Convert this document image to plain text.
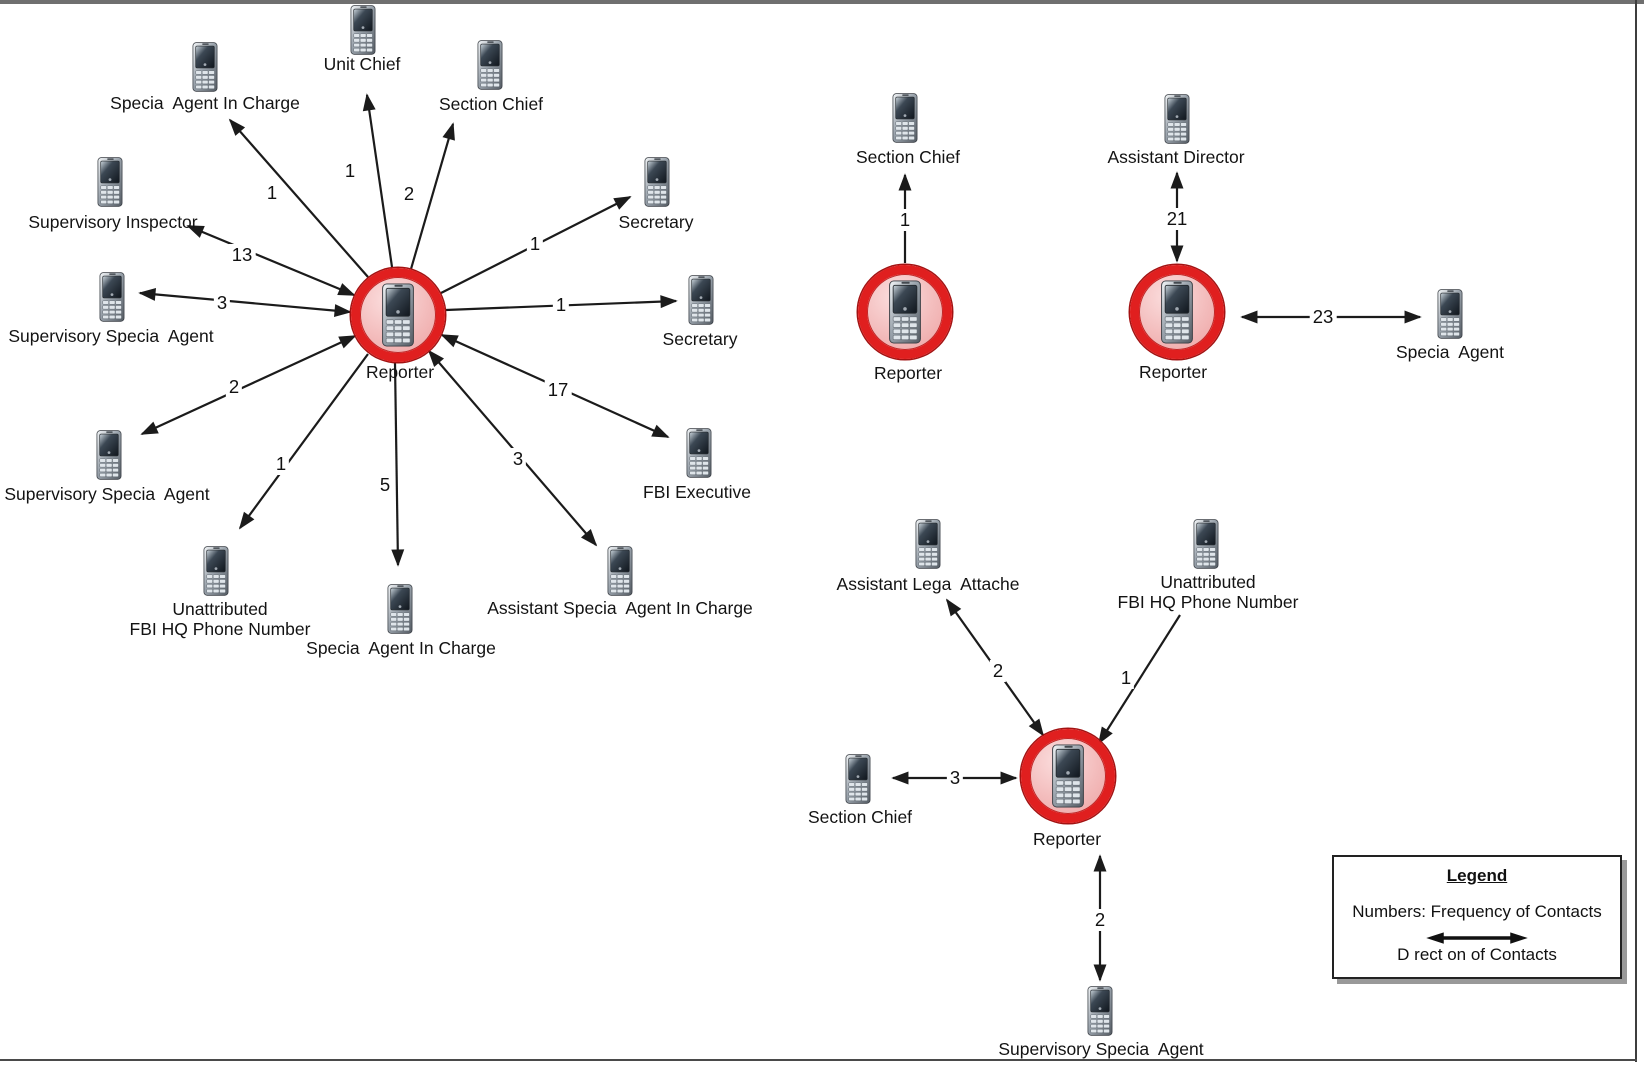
Reporter	Reporter	Reporter
Reporter
Specia  Agent In Charge
Unit Chief
Section Chief
Secretary
Secretary
Supervisory Inspector
Supervisory Specia  Agent
Supervisory Specia  Agent
Unattributed
FBI HQ Phone Number
Specia  Agent In Charge
Assistant Specia  Agent In Charge
FBI Executive
Section Chief	Assistant Director
Specia  Agent
Assistant Lega  Attache	Unattributed
FBI HQ Phone Number
Section Chief
Supervisory Specia  Agent
1
1
2
1
1
13
3
2
1
5
3
17
1	21
23
2	1
3
2
Legend
Numbers: Frequency of Contacts
D rect on of Contacts
